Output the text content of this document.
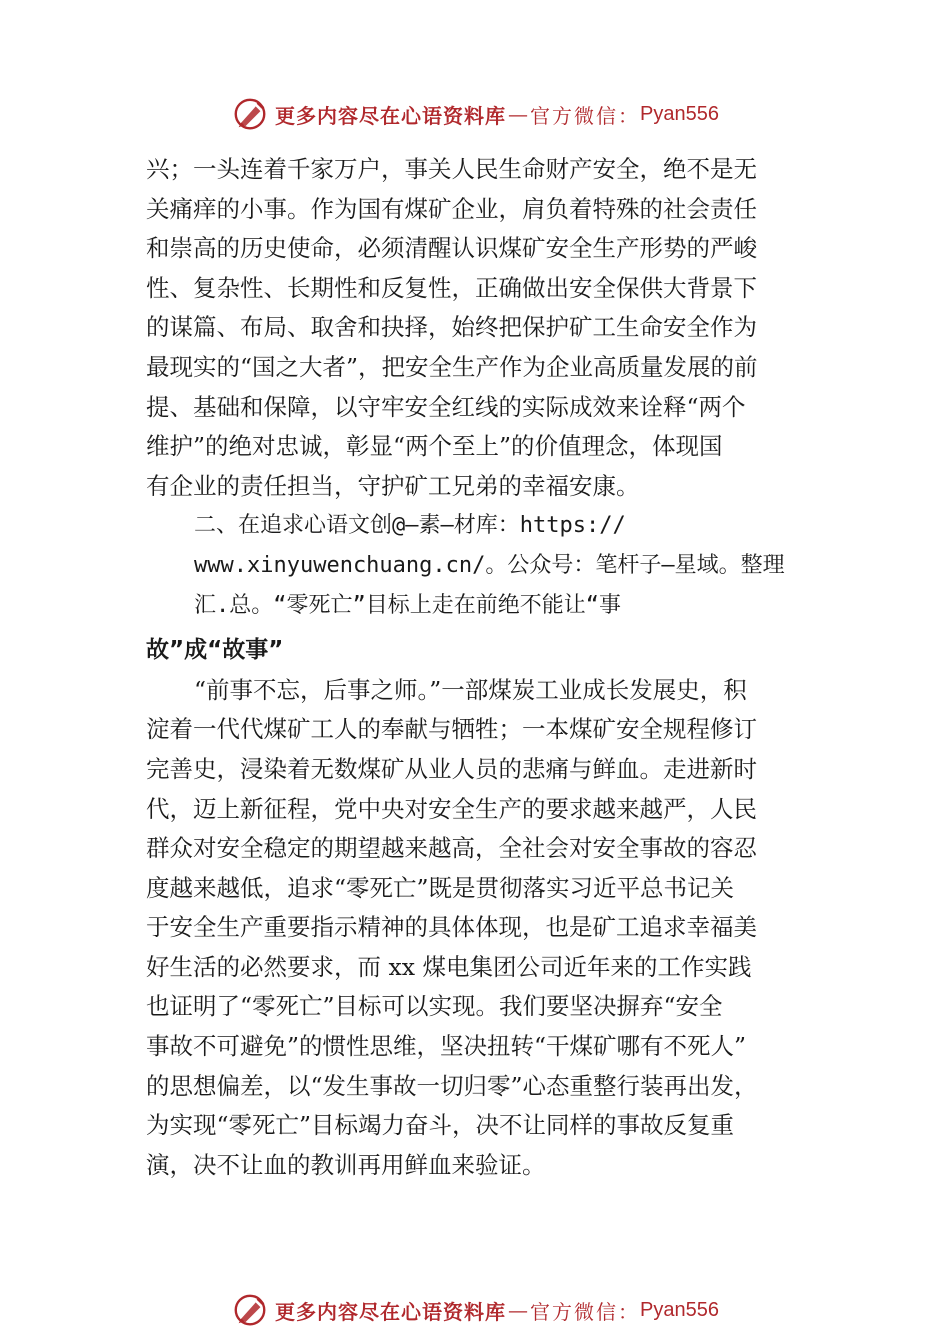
更多内容尽在心语资料库 — 官方微信： Pyan556
兴；一头连着千家万户，事关人民生命财产安全，绝不是无
关痛痒的小事。作为国有煤矿企业，肩负着特殊的社会责任
和崇高的历史使命，必须清醒认识煤矿安全生产形势的严峻
性、复杂性、长期性和反复性，正确做出安全保供大背景下
的谋篇、布局、取舍和抉择，始终把保护矿工生命安全作为
最现实的“国之大者”，把安全生产作为企业高质量发展的前
提、基础和保障，以守牢安全红线的实际成效来诠释“两个
维护”的绝对忠诚，彰显“两个至上”的价值理念，体现国
有企业的责任担当，守护矿工兄弟的幸福安康。
二、在追求心语文创@—素—材库：https://
www.xinyuwenchuang.cn/。公众号：笔杆子—星域。整理
汇.总。“零死亡”目标上走在前绝不能让“事
故”成“故事”
“前事不忘，后事之师。”一部煤炭工业成长发展史，积
淀着一代代煤矿工人的奉献与牺牲；一本煤矿安全规程修订
完善史，浸染着无数煤矿从业人员的悲痛与鲜血。走进新时
代，迈上新征程，党中央对安全生产的要求越来越严，人民
群众对安全稳定的期望越来越高，全社会对安全事故的容忍
度越来越低，追求“零死亡”既是贯彻落实习近平总书记关
于安全生产重要指示精神的具体体现，也是矿工追求幸福美
好生活的必然要求，而 xx 煤电集团公司近年来的工作实践
也证明了“零死亡”目标可以实现。我们要坚决摒弃“安全
事故不可避免”的惯性思维，坚决扭转“干煤矿哪有不死人”
的思想偏差，以“发生事故一切归零”心态重整行装再出发，
为实现“零死亡”目标竭力奋斗，决不让同样的事故反复重
演，决不让血的教训再用鲜血来验证。
更多内容尽在心语资料库 — 官方微信： Pyan556
